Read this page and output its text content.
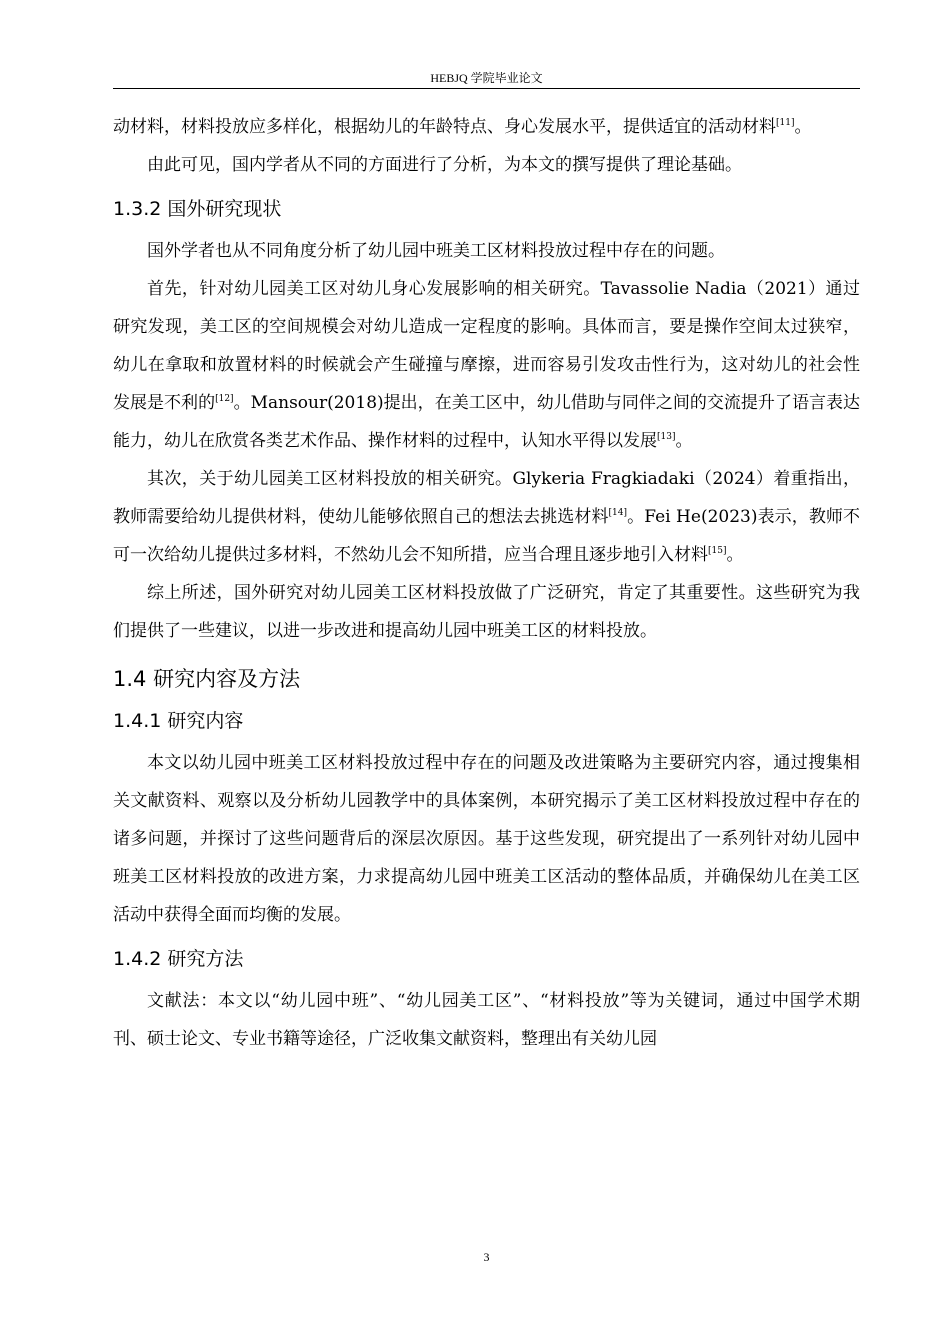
HEBJQ 学院毕业论文

动材料，材料投放应多样化，根据幼儿的年龄特点、身心发展水平，提供适宜的活动材料[11]。

由此可见，国内学者从不同的方面进行了分析，为本文的撰写提供了理论基础。

1.3.2 国外研究现状

国外学者也从不同角度分析了幼儿园中班美工区材料投放过程中存在的问题。

首先，针对幼儿园美工区对幼儿身心发展影响的相关研究。Tavassolie Nadia（2021）通过研究发现，美工区的空间规模会对幼儿造成一定程度的影响。具体而言，要是操作空间太过狭窄，幼儿在拿取和放置材料的时候就会产生碰撞与摩擦，进而容易引发攻击性行为，这对幼儿的社会性发展是不利的[12]。Mansour(2018)提出，在美工区中，幼儿借助与同伴之间的交流提升了语言表达能力，幼儿在欣赏各类艺术作品、操作材料的过程中，认知水平得以发展[13]。

其次，关于幼儿园美工区材料投放的相关研究。Glykeria Fragkiadaki（2024）着重指出，教师需要给幼儿提供材料，使幼儿能够依照自己的想法去挑选材料[14]。Fei He(2023)表示，教师不可一次给幼儿提供过多材料，不然幼儿会不知所措，应当合理且逐步地引入材料[15]。

综上所述，国外研究对幼儿园美工区材料投放做了广泛研究，肯定了其重要性。这些研究为我们提供了一些建议，以进一步改进和提高幼儿园中班美工区的材料投放。

1.4 研究内容及方法
1.4.1 研究内容

本文以幼儿园中班美工区材料投放过程中存在的问题及改进策略为主要研究内容，通过搜集相关文献资料、观察以及分析幼儿园教学中的具体案例，本研究揭示了美工区材料投放过程中存在的诸多问题，并探讨了这些问题背后的深层次原因。基于这些发现，研究提出了一系列针对幼儿园中班美工区材料投放的改进方案，力求提高幼儿园中班美工区活动的整体品质，并确保幼儿在美工区活动中获得全面而均衡的发展。

1.4.2 研究方法

文献法：本文以“幼儿园中班”、“幼儿园美工区”、“材料投放”等为关键词，通过中国学术期刊、硕士论文、专业书籍等途径，广泛收集文献资料，整理出有关幼儿园

3
